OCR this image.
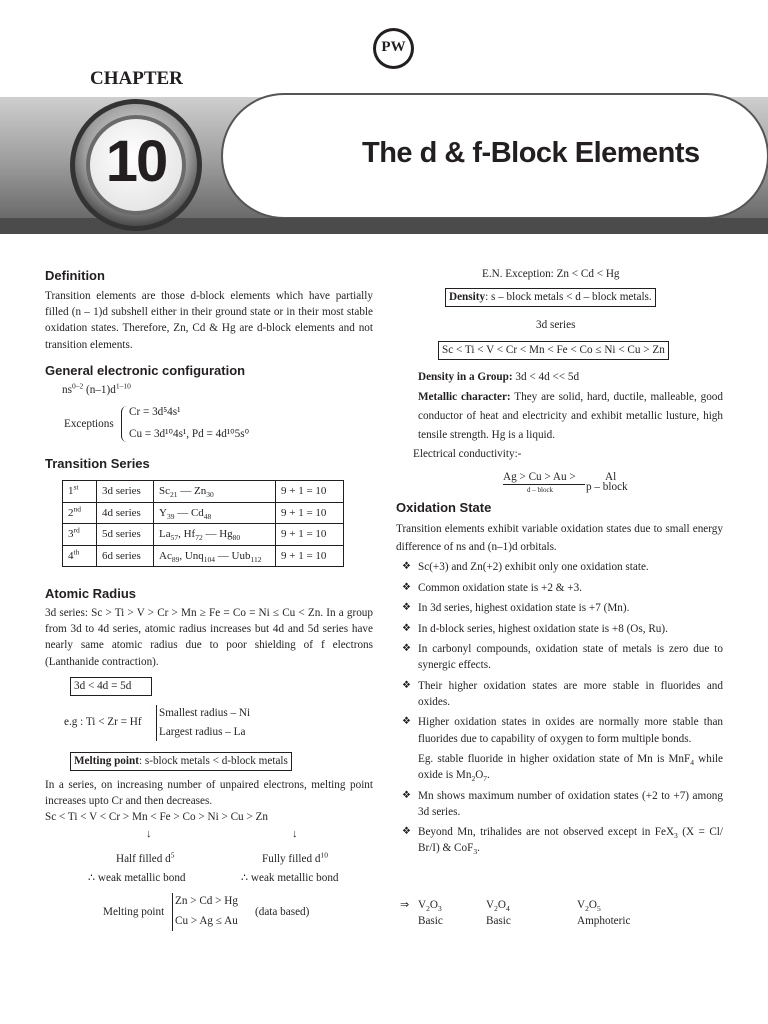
PW
CHAPTER
10	The d & f-Block Elements
Definition
Transition elements are those d-block elements which have partially filled (n – 1)d subshell either in their ground state or in their most stable oxidation states. Therefore, Zn, Cd & Hg are d-block elements and not transition elements.
General electronic configuration
$ns^{0-2}$ $(n-1)d^{1-10}$
Exceptions
Cr = 3d⁵4s¹
Cu = 3d¹⁰4s¹, Pd = 4d¹⁰5s⁰
Transition Series
1st	3d series	$Sc_{21}$ — $Zn_{30}$	9 + 1 = 10
2nd	4d series	$Y_{39}$ — $Cd_{48}$	9 + 1 = 10
3rd	5d series	$La_{57}$, $Hf_{72}$ — $Hg_{80}$	9 + 1 = 10
4th	6d series	$Ac_{89}$, Unq$_{104}$ — Uub$_{112}$	9 + 1 = 10
Atomic Radius
3d series: Sc > Ti > V > Cr > Mn ≥ Fe = Co = Ni ≤ Cu < Zn. In a group from 3d to 4d series, atomic radius increases but 4d and 5d series have nearly same atomic radius due to poor shielding of f electrons (Lanthanide contraction).
3d < 4d = 5d
e.g : Ti < Zr = Hf
Smallest radius – Ni
Largest radius – La
Melting point: s-block metals < d-block metals
In a series, on increasing number of unpaired electrons, melting point increases upto Cr and then decreases.
Sc < Ti < V < Cr > Mn < Fe > Co > Ni > Cu > Zn
↓	↓
Half filled $d^5$	Fully filled $d^{10}$
∴ weak metallic bond	∴ weak metallic bond
Melting point
Zn > Cd > Hg
Cu > Ag ≤ Au
(data based)
E.N. Exception: Zn < Cd < Hg
Density: s – block metals < d – block metals.
3d series
Sc < Ti < V < Cr < Mn < Fe < Co ≤ Ni < Cu > Zn
Density in a Group: 3d < 4d << 5d
Metallic character: They are solid, hard, ductile, malleable, good conductor of heat and electricity and exhibit metallic lusture, high tensile strength. Hg is a liquid.
Electrical conductivity:-
Ag > Cu > Au >
d – block
Al
p – block
Oxidation State
Transition elements exhibit variable oxidation states due to small energy difference of ns and (n–1)d orbitals.
❖ Sc(+3) and Zn(+2) exhibit only one oxidation state.
❖ Common oxidation state is +2 & +3.
❖ In 3d series, highest oxidation state is +7 (Mn).
❖ In d-block series, highest oxidation state is +8 (Os, Ru).
❖ In carbonyl compounds, oxidation state of metals is zero due to synergic effects.
❖ Their higher oxidation states are more stable in fluorides and oxides.
❖ Higher oxidation states in oxides are normally more stable than fluorides due to capability of oxygen to form multiple bonds.
Eg. stable fluoride in higher oxidation state of Mn is MnF$_4$ while oxide is $Mn_2O_7$.
❖ Mn shows maximum number of oxidation states (+2 to +7) among 3d series.
❖ Beyond Mn, trihalides are not observed except in FeX$_3$ (X = Cl/ Br/I) & CoF$_3$.
⇒ $V_2O_3$	$V_2O_4$	$V_2O_5$
Basic	Basic	Amphoteric
